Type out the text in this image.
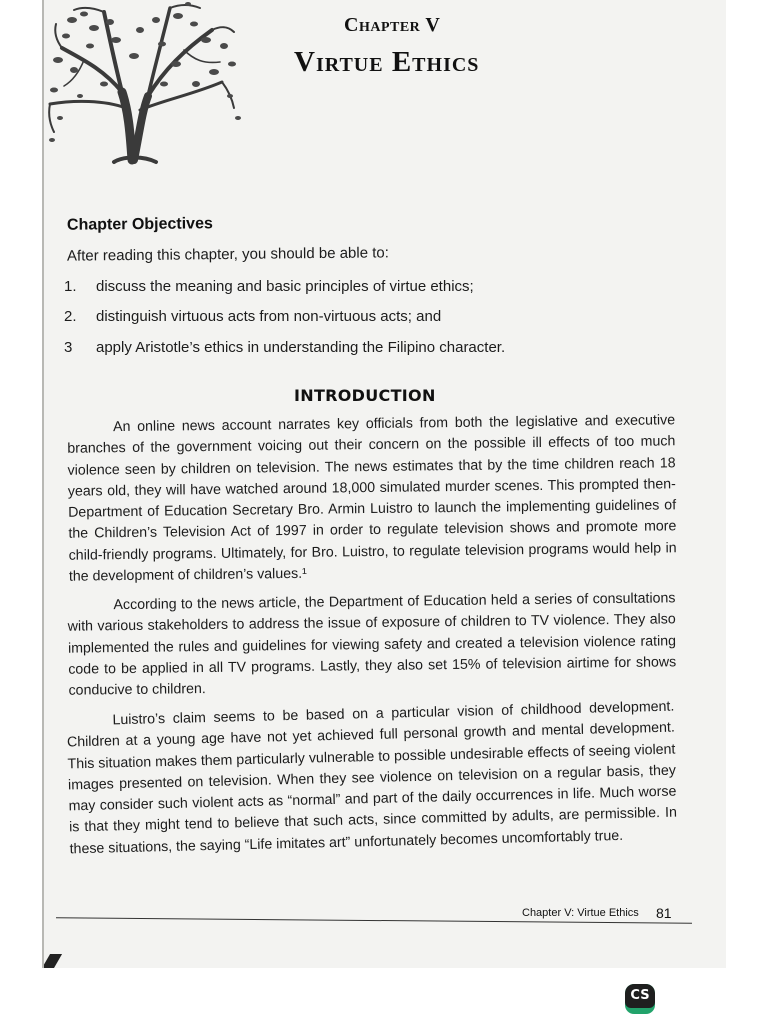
Chapter V
Virtue Ethics
Chapter Objectives
After reading this chapter, you should be able to:
1. discuss the meaning and basic principles of virtue ethics;
2. distinguish virtuous acts from non-virtuous acts; and
3 apply Aristotle’s ethics in understanding the Filipino character.
INTRODUCTION

An online news account narrates key officials from both the legislative and executive branches of the government voicing out their concern on the possible ill effects of too much violence seen by children on television. The news estimates that by the time children reach 18 years old, they will have watched around 18,000 simulated murder scenes. This prompted then-Department of Education Secretary Bro. Armin Luistro to launch the implementing guidelines of the Children’s Television Act of 1997 in order to regulate television shows and promote more child-friendly programs. Ultimately, for Bro. Luistro, to regulate television programs would help in the development of children’s values.¹

According to the news article, the Department of Education held a series of consultations with various stakeholders to address the issue of exposure of children to TV violence. They also implemented the rules and guidelines for viewing safety and created a television violence rating code to be applied in all TV programs. Lastly, they also set 15% of television airtime for shows conducive to children.

Luistro’s claim seems to be based on a particular vision of childhood development. Children at a young age have not yet achieved full personal growth and mental development. This situation makes them particularly vulnerable to possible undesirable effects of seeing violent images presented on television. When they see violence on television on a regular basis, they may consider such violent acts as “normal” and part of the daily occurrences in life. Much worse is that they might tend to believe that such acts, since committed by adults, are permissible. In these situations, the saying “Life imitates art” unfortunately becomes uncomfortably true.

Chapter V: Virtue Ethics 81
CS
